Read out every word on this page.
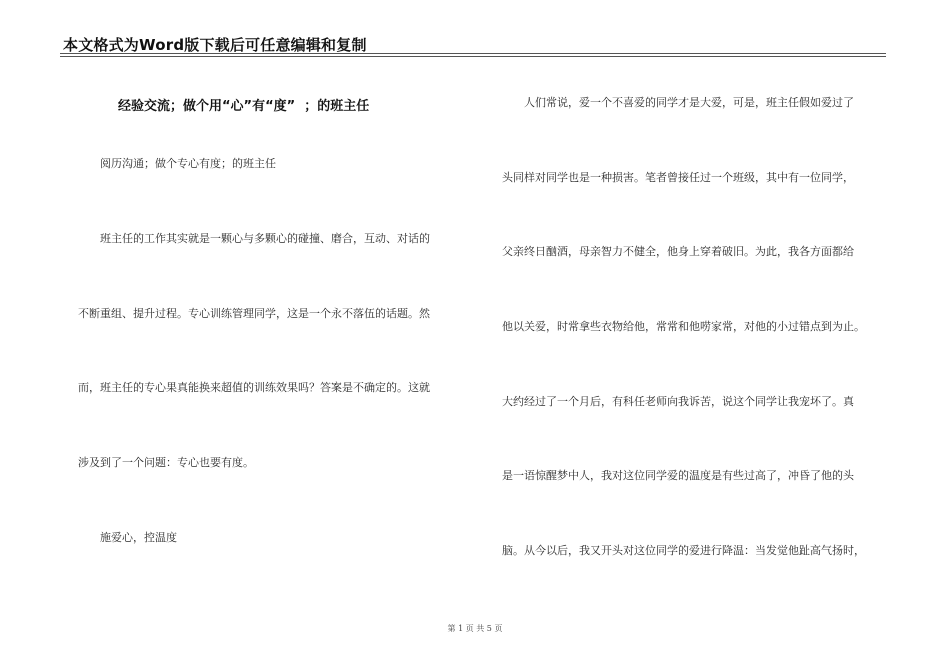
本文格式为Word版下载后可任意编辑和复制
经验交流；做个用“心”有“度”  ；的班主任
阅历沟通；做个专心有度；的班主任
班主任的工作其实就是一颗心与多颗心的碰撞、磨合，互动、对话的
不断重组、提升过程。专心训练管理同学，这是一个永不落伍的话题。然
而，班主任的专心果真能换来超值的训练效果吗？答案是不确定的。这就
涉及到了一个问题：专心也要有度。
施爱心，控温度
人们常说，爱一个不喜爱的同学才是大爱，可是，班主任假如爱过了
头同样对同学也是一种损害。笔者曾接任过一个班级，其中有一位同学，
父亲终日酗酒，母亲智力不健全，他身上穿着破旧。为此，我各方面都给
他以关爱，时常拿些衣物给他，常常和他唠家常，对他的小过错点到为止。
大约经过了一个月后，有科任老师向我诉苦，说这个同学让我宠坏了。真
是一语惊醒梦中人，我对这位同学爱的温度是有些过高了，冲昏了他的头
脑。从今以后，我又开头对这位同学的爱进行降温：当发觉他趾高气扬时，
第 1 页 共 5 页
